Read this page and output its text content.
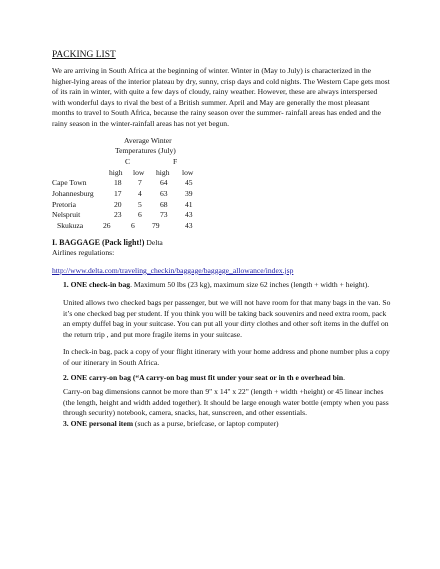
PACKING LIST

We are arriving in South Africa at the beginning of winter. Winter in (May to July) is characterized in the higher-lying areas of the interior plateau by dry, sunny, crisp days and cold nights. The Western Cape gets most of its rain in winter, with quite a few days of cloudy, rainy weather. However, these are always interspersed with wonderful days to rival the best of a British summer. April and May are generally the most pleasant months to travel to South Africa, because the rainy season over the summer- rainfall areas has ended and the rainy season in the winter-rainfall areas has not yet begun.

Average Winter
Temperatures (July)
C	F
high low high low
Cape Town	18 7 64 45
Johannesburg	17 4 63 39
Pretoria	20 5 68 41
Nelspruit	23 6 73 43
Skukuza	26	6 79	43
I. BAGGAGE (Pack light!) Delta

Airlines regulations:

http://www.delta.com/traveling_checkin/baggage/baggage_allowance/index.jsp

1. ONE check-in bag. Maximum 50 lbs (23 kg), maximum size 62 inches (length + width + height).

United allows two checked bags per passenger, but we will not have room for that many bags in the van. So it’s one checked bag per student. If you think you will be taking back souvenirs and need extra room, pack an empty duffel bag in your suitcase. You can put all your dirty clothes and other soft items in the duffel on the return trip , and put more fragile items in your suitcase.

In check-in bag, pack a copy of your flight itinerary with your home address and phone number plus a copy of our itinerary in South Africa.

2. ONE carry-on bag (“A carry-on bag must fit under your seat or in th e overhead bin.

Carry-on bag dimensions cannot be more than 9" x 14" x 22" (length + width +height) or 45 linear inches (the length, height and width added together). It should be large enough water bottle (empty when you pass through security) notebook, camera, snacks, hat, sunscreen, and other essentials.

3. ONE personal item (such as a purse, briefcase, or laptop computer)
